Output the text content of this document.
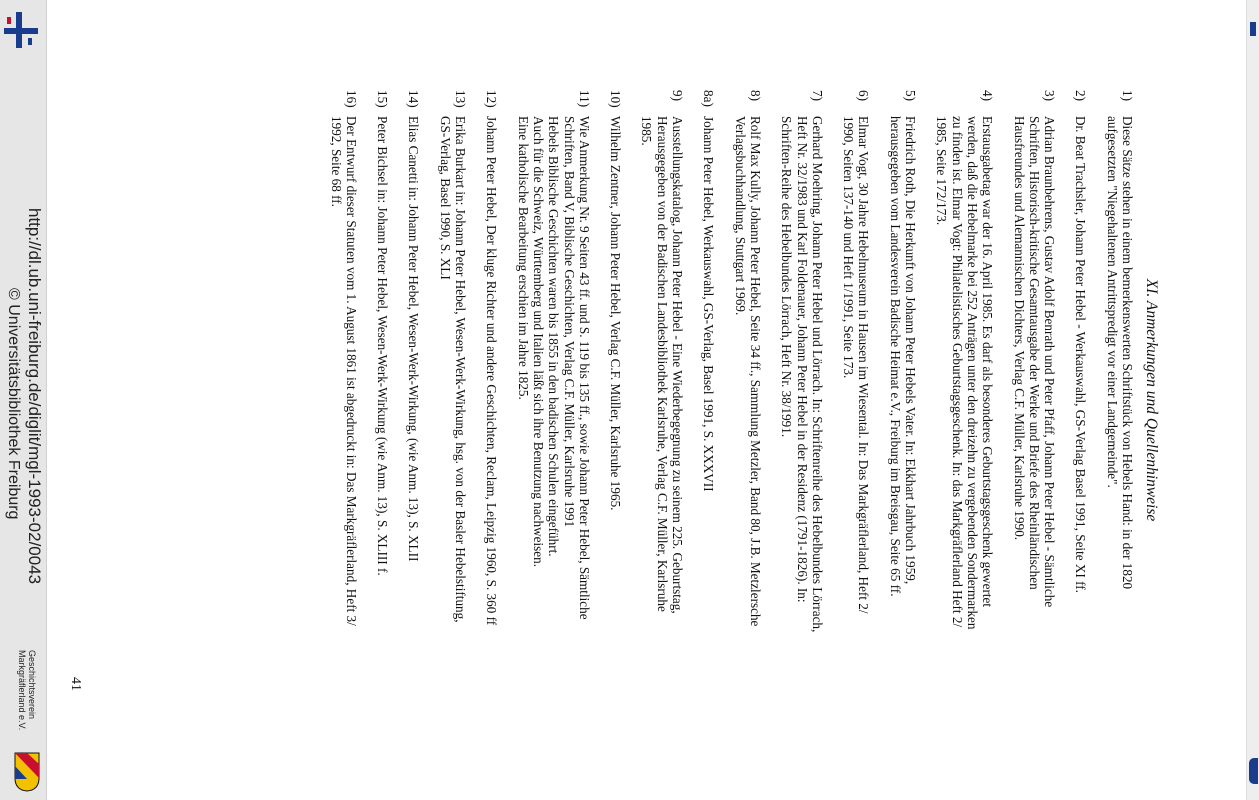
http://dl.ub.uni-freiburg.de/diglit/mgl-1993-02/0043
© Universitätsbibliothek Freiburg
Geschichtsverein
Markgräflerland e.V.
XI. Anmerkungen und Quellenhinweise
1)
Diese Sätze stehen in einem bemerkenswerten Schriftstück von Hebels Hand: in der 1820
aufgesetzten "Niegehaltenen Antrittspredigt vor einer Landgemeinde".
2)
Dr. Beat Trachsler, Johann Peter Hebel - Werkauswahl, GS-Verlag Basel 1991, Seite XI ff.
3)
Adrian Braunbehrens, Gustav Adolf Benrath und Peter Pfaff, Johann Peter Hebel - Sämtliche
Schriften, Historisch-kritische Gesamtausgabe der Werke und Briefe des Rheinländischen
Hausfreundes und Alemannischen Dichters, Verlag C.F. Müller, Karlsruhe 1990.
4)
Erstausgabetag war der 16. April 1985. Es darf als besonderes Geburtstagsgeschenk gewertet
werden, daß die Hebelmarke bei 252 Anträgen unter den dreizehn zu vergebenden Sondermarken
zu finden ist. Elmar Vogt: Philatelistisches Geburtstagsgeschenk. In: das Markgräflerland Heft 2/
1985, Seite 172/173.
5)
Friedrich Roth, Die Herkunft von Johann Peter Hebels Vater. In: Ekkhart Jahrbuch 1959,
herausgegeben vom Landesverein Badische Heimat e.V., Freiburg im Breisgau, Seite 65 ff.
6)
Elmar Vogt, 30 Jahre Hebelmuseum in Hausen im Wiesental. In: Das Markgräflerland, Heft 2/
1990, Seiten 137-140 und Heft 1/1991, Seite 173.
7)
Gerhard Moehring, Johann Peter Hebel und Lörrach. In: Schriftenreihe des Hebelbundes Lörrach,
Heft Nr. 32/1983 und Karl Foldenauer, Johann Peter Hebel in der Residenz (1791-1826). In:
Schriften-Reihe des Hebelbundes Lörrach, Heft Nr. 38/1991.
8)
Rolf Max Kully, Johann Peter Hebel, Seite 34 ff., Sammlung Metzler, Band 80, J.B. Metzlersche
Verlagsbuchhandlung, Stuttgart 1969.
8a)
Johann Peter Hebel, Werkauswahl, GS-Verlag, Basel 1991, S. XXXVII
9)
Ausstellungskatalog, Johann Peter Hebel - Eine Wiederbegegnung zu seinem 225. Geburtstag,
Herausgegeben von der Badischen Landesbibliothek Karlsruhe, Verlag C.F. Müller, Karlsruhe
1985.
10)
Wilhelm Zentner, Johann Peter Hebel, Verlag C.F. Müller, Karlsruhe 1965.
11)
Wie Anmerkung Nr. 9 Seiten 43 ff. und S. 119 bis 135 ff., sowie Johann Peter Hebel, Sämtliche
Schriften, Band V, Biblische Geschichten, Verlag C.F. Müller, Karlsruhe 1991
Hebels Biblische Geschichten waren bis 1855 in den badischen Schulen eingeführt.
Auch für die Schweiz, Württemberg und Italien läßt sich ihre Benutzung nachweisen.
Eine katholische Bearbeitung erschien im Jahre 1825.
12)
Johann Peter Hebel, Der kluge Richter und andere Geschichten, Reclam, Leipzig 1960, S. 360 ff
13)
Erika Burkart in: Johann Peter Hebel, Wesen-Werk-Wirkung, hsg. von der Basler Hebelstiftung,
GS-Verlag, Basel 1990, S. XLI
14)
Elias Canetti in: Johann Peter Hebel, Wesen-Werk-Wirkung, (wie Anm. 13), S. XLII
15)
Peter Bichsel in: Johann Peter Hebel, Wesen-Werk-Wirkung (wie Anm. 13), S. XLIII f.
16)
Der Entwurf dieser Statuten vom 1. August 1861 ist abgedruckt in: Das Markgräflerland, Heft 3/
1992, Seite 68 ff.
41
